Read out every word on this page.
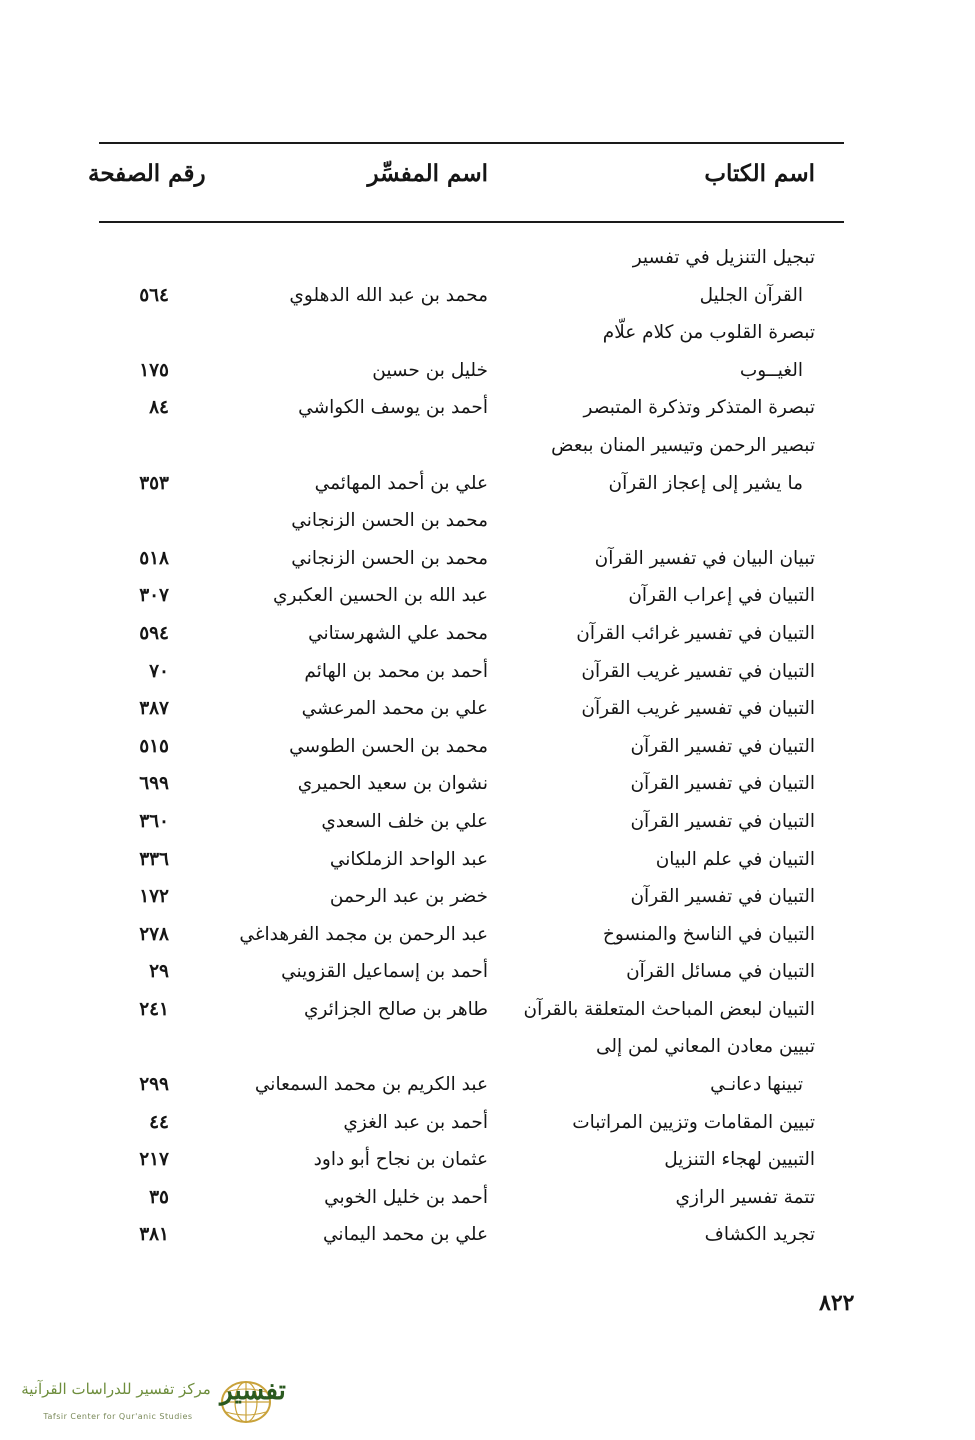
اسم الكتاب
اسم المفسِّر
رقم الصفحة
تبجيل التنزيل في تفسير
القرآن الجليل
محمد بن عبد الله الدهلوي
٥٦٤
تبصرة القلوب من كلام علّام
الغيــوب
خليل بن حسين
١٧٥
تبصرة المتذكر وتذكرة المتبصر
أحمد بن يوسف الكواشي
٨٤
تبصير الرحمن وتيسير المنان ببعض
ما يشير إلى إعجاز القرآن
علي بن أحمد المهائمي
٣٥٣
محمد بن الحسن الزنجاني
تبيان البيان في تفسير القرآن
محمد بن الحسن الزنجاني
٥١٨
التبيان في إعراب القرآن
عبد الله بن الحسين العكبري
٣٠٧
التبيان في تفسير غرائب القرآن
محمد علي الشهرستاني
٥٩٤
التبيان في تفسير غريب القرآن
أحمد بن محمد بن الهائم
٧٠
التبيان في تفسير غريب القرآن
علي بن محمد المرعشي
٣٨٧
التبيان في تفسير القرآن
محمد بن الحسن الطوسي
٥١٥
التبيان في تفسير القرآن
نشوان بن سعيد الحميري
٦٩٩
التبيان في تفسير القرآن
علي بن خلف السعدي
٣٦٠
التبيان في علم البيان
عبد الواحد الزملكاني
٣٣٦
التبيان في تفسير القرآن
خضر بن عبد الرحمن
١٧٢
التبيان في الناسخ والمنسوخ
عبد الرحمن بن مجمد الفرهداغي
٢٧٨
التبيان في مسائل القرآن
أحمد بن إسماعيل القزويني
٢٩
التبيان لبعض المباحث المتعلقة بالقرآن
طاهر بن صالح الجزائري
٢٤١
تبيين معادن المعاني لمن إلى
تبينها دعانـي
عبد الكريم بن محمد السمعاني
٢٩٩
تبيين المقامات وتزيين المراتبات
أحمد بن عبد الغزي
٤٤
التبيين لهجاء التنزيل
عثمان بن نجاح أبو داود
٢١٧
تتمة تفسير الرازي
أحمد بن خليل الخوبي
٣٥
تجريد الكشاف
علي بن محمد اليماني
٣٨١
٨٢٢
تفسير
مركز تفسير للدراسات القرآنية
Tafsir Center for Qur'anic Studies
